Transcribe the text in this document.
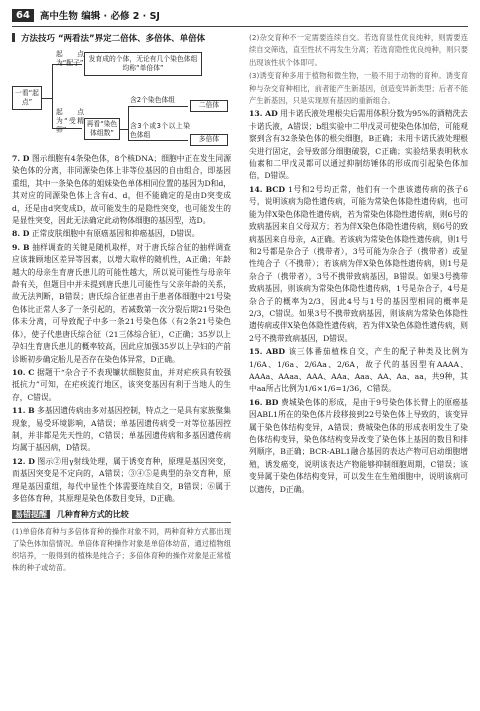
64	高中生物 编辑 · 必修 2 · SJ
方法技巧 “两看法”界定二倍体、多倍体、单倍体
一看“起点”
起点为“配子”
起点为“受精卵”
发育成的个体，无论有几个染色体组均称“单倍体”
再看“染色体组数”
含2个染色体组
含3个或3个以上染色体组
二倍体
多倍体

7. D 图示细胞有4条染色体，8个核DNA；细胞中正在发生同源染色体的分离，非同源染色体上非等位基因的自由组合，即基因重组，其中一条染色体的姐妹染色单体相同位置的基因为D和d，其对应的同源染色体上含有d、d，但不能确定的是由D突变成d，还是由d突变成D，故可能发生的是隐性突变，也可能发生的是显性突变，因此无法确定此动物体细胞的基因型，选D。

8. D 正常皮肤细胞中有原癌基因和抑癌基因，D错误。

9. B 抽样调查的关键是随机取样，对于唐氏综合征的抽样调查应该兼顾地区差异等因素，以增大取样的随机性，A正确；年龄越大的母亲生育唐氏患儿的可能性越大，所以说可能性与母亲年龄有关，但题目中并未提到唐氏患儿可能性与父亲年龄的关系，故无法判断，B错误；唐氏综合征患者由于患者体细胞中21号染色体比正常人多了一条引起的，若减数第一次分裂后期21号染色体未分离，可导致配子中多一条21号染色体（有2条21号染色体），使子代患唐氏综合征（21三体综合征），C正确；35岁以上孕妇生育唐氏患儿的概率较高，因此应加强35岁以上孕妇的产前诊断初步确定胎儿是否存在染色体异常，D正确。

10. C 据题干“杂合子不表现镰状细胞贫血，并对疟疾具有较强抵抗力”可知，在疟疾流行地区，该突变基因有利于当地人的生存，C错误。

11. B 多基因遗传病由多对基因控制，特点之一是具有家族聚集现象，易受环境影响，A错误；单基因遗传病受一对等位基因控制，并非都是先天性的，C错误；单基因遗传病和多基因遗传病均属于基因病，D错误。

12. D 图示②用γ射线处理，属于诱变育种，原理是基因突变，而基因突变是不定向的，A错误；③④⑤是典型的杂交育种，原理是基因重组，每代中显性个体需要连续自交，B错误；⑥属于多倍体育种，其原理是染色体数目变异，D正确。

易错提醒 几种育种方式的比较

(1)单倍体育种与多倍体育种的操作对象不同，两种育种方式都出现了染色体加倍情况。单倍体育种操作对象是单倍体幼苗，通过植物组织培养，一般得到的植株是纯合子；多倍体育种的操作对象是正常植株的种子或幼苗。

(2)杂交育种不一定需要连续自交。若选育显性优良纯种，则需要连续自交筛选，直至性状不再发生分离；若选育隐性优良纯种，则只要出现该性状个体即可。

(3)诱变育种多用于植物和微生物，一般不用于动物的育种。诱变育种与杂交育种相比，前者能产生新基因，创造变异新类型；后者不能产生新基因，只是实现原有基因的重新组合。

13. AD 用卡诺氏液处理根尖后需用体积分数为95%的酒精洗去卡诺氏液，A错误；b组实验中二甲戊灵可使染色体加倍，可能观察到含有32条染色体的根尖细胞，B正确；未用卡诺氏液处理根尖进行固定，会导致部分细胞破裂，C正确；实验结果表明秋水仙素和二甲戊灵都可以通过抑制纺锤体的形成而引起染色体加倍，D错误。

14. BCD 1号和2号均正常，他们有一个患该遗传病的孩子6号，说明该病为隐性遗传病，可能为常染色体隐性遗传病，也可能为伴X染色体隐性遗传病，若为常染色体隐性遗传病，则6号的致病基因来自父母双方；若为伴X染色体隐性遗传病，则6号的致病基因来自母亲，A正确。若该病为常染色体隐性遗传病，则1号和2号都是杂合子（携带者），3号可能为杂合子（携带者）或显性纯合子（不携带）；若该病为伴X染色体隐性遗传病，则1号是杂合子（携带者），3号不携带致病基因，B错误。如果3号携带致病基因，则该病为常染色体隐性遗传病，1号是杂合子，4号是杂合子的概率为2/3，因此4号与1号的基因型相同的概率是2/3，C错误。如果3号不携带致病基因，则该病为常染色体隐性遗传病或伴X染色体隐性遗传病，若为伴X染色体隐性遗传病，则2号不携带致病基因，D错误。

15. ABD 该三体番茄植株自交，产生的配子种类及比例为1/6A、1/6a、2/6Aa、2/6A，故子代的基因型有AAAA、AAAa、AAaa、AAA、AAa、Aaa、AA、Aa、aa，共9种，其中aa所占比例为1/6×1/6=1/36，C错误。

16. BD 费城染色体的形成，是由于9号染色体长臂上的原癌基因ABL1所在的染色体片段移接到22号染色体上导致的，该变异属于染色体结构变异，A错误；费城染色体的形成表明发生了染色体结构变异，染色体结构变异改变了染色体上基因的数目和排列顺序，B正确；BCR-ABL1融合基因的表达产物可启动细胞增殖，诱发癌变，说明该表达产物能够抑制细胞周期，C错误；该变异属于染色体结构变异，可以发生在生殖细胞中，说明该病可以遗传，D正确。
